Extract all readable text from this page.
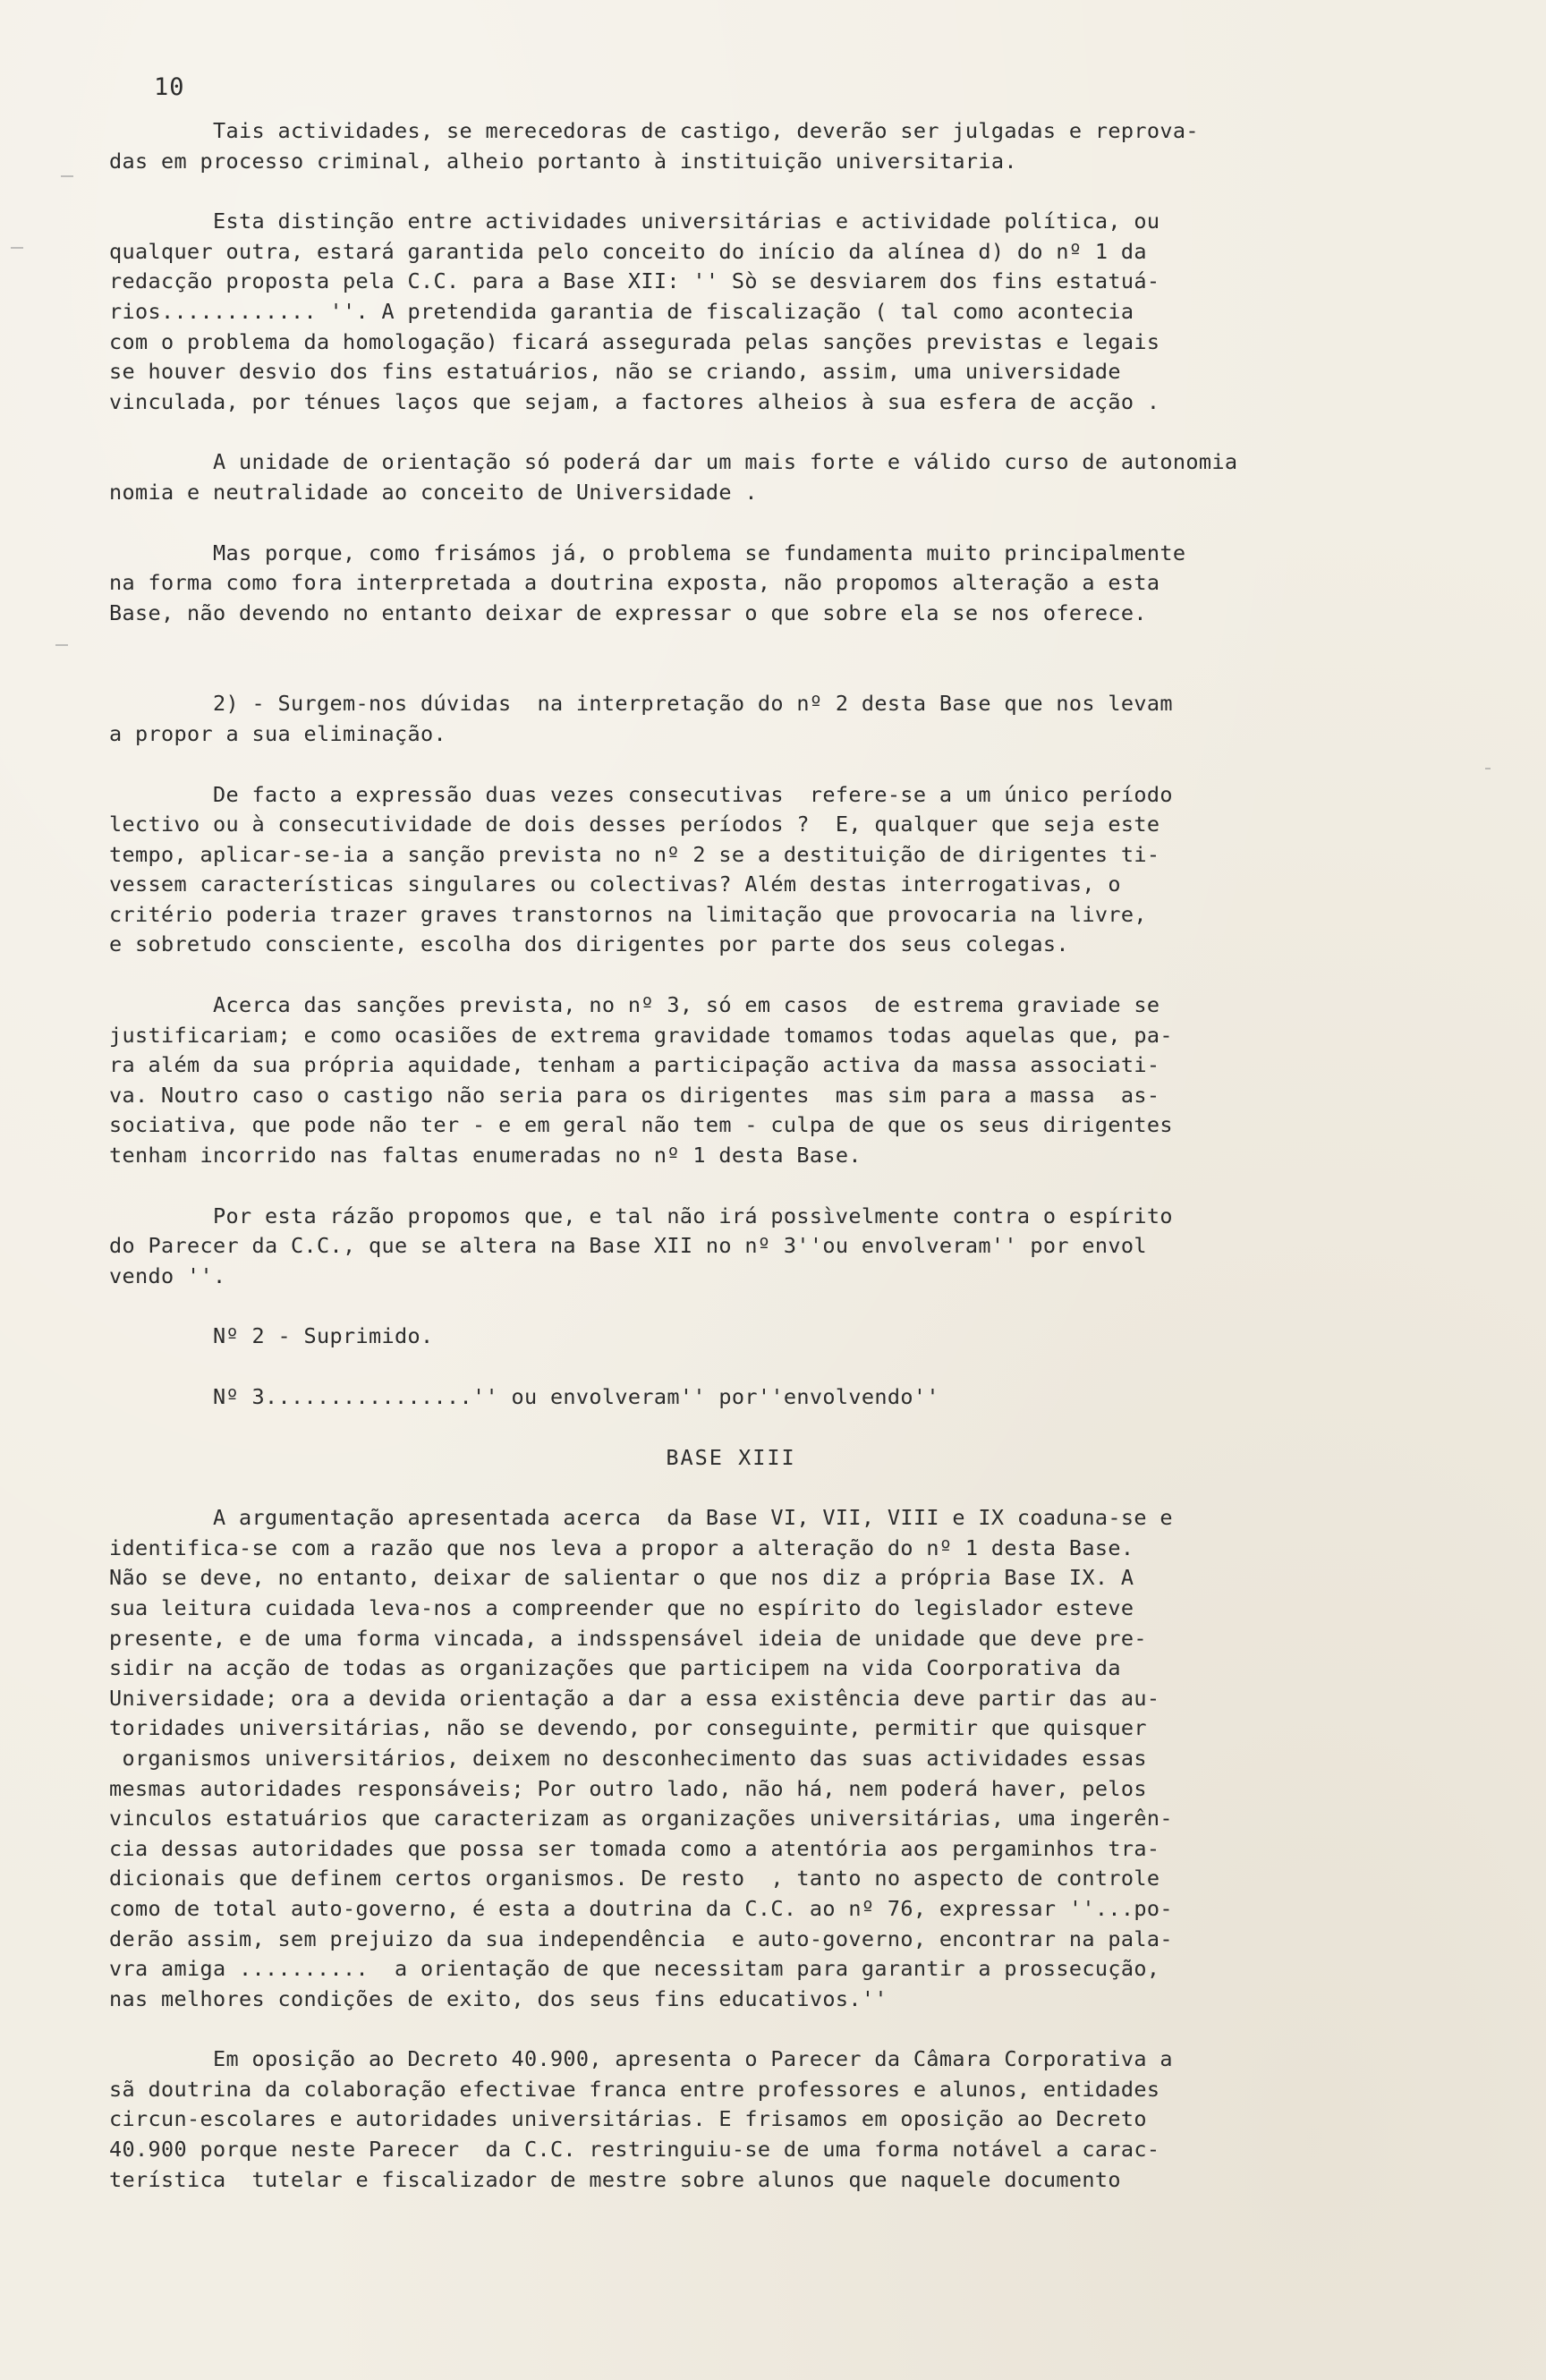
10
Tais actividades, se merecedoras de castigo, deverão ser julgadas e reprova-
das em processo criminal, alheio portanto à instituição universitaria.
Esta distinção entre actividades universitárias e actividade política, ou
qualquer outra, estará garantida pelo conceito do início da alínea d) do nº 1 da
redacção proposta pela C.C. para a Base XII: '' Sò se desviarem dos fins estatuá-
rios............ ''. A pretendida garantia de fiscalização ( tal como acontecia
com o problema da homologação) ficará assegurada pelas sanções previstas e legais
se houver desvio dos fins estatuários, não se criando, assim, uma universidade
vinculada, por ténues laços que sejam, a factores alheios à sua esfera de acção .
A unidade de orientação só poderá dar um mais forte e válido curso de autonomia
nomia e neutralidade ao conceito de Universidade .
Mas porque, como frisámos já, o problema se fundamenta muito principalmente
na forma como fora interpretada a doutrina exposta, não propomos alteração a esta
Base, não devendo no entanto deixar de expressar o que sobre ela se nos oferece.
2) - Surgem-nos dúvidas  na interpretação do nº 2 desta Base que nos levam
a propor a sua eliminação.
De facto a expressão duas vezes consecutivas  refere-se a um único período
lectivo ou à consecutividade de dois desses períodos ?  E, qualquer que seja este
tempo, aplicar-se-ia a sanção prevista no nº 2 se a destituição de dirigentes ti-
vessem características singulares ou colectivas? Além destas interrogativas, o
critério poderia trazer graves transtornos na limitação que provocaria na livre,
e sobretudo consciente, escolha dos dirigentes por parte dos seus colegas.
Acerca das sanções prevista, no nº 3, só em casos  de estrema graviade se
justificariam; e como ocasiões de extrema gravidade tomamos todas aquelas que, pa-
ra além da sua própria aquidade, tenham a participação activa da massa associati-
va. Noutro caso o castigo não seria para os dirigentes  mas sim para a massa  as-
sociativa, que pode não ter - e em geral não tem - culpa de que os seus dirigentes
tenham incorrido nas faltas enumeradas no nº 1 desta Base.
Por esta rázão propomos que, e tal não irá possìvelmente contra o espírito
do Parecer da C.C., que se altera na Base XII no nº 3''ou envolveram'' por envol
vendo ''.
Nº 2 - Suprimido.
Nº 3................'' ou envolveram'' por''envolvendo''
BASE XIII
A argumentação apresentada acerca  da Base VI, VII, VIII e IX coaduna-se e
identifica-se com a razão que nos leva a propor a alteração do nº 1 desta Base.
Não se deve, no entanto, deixar de salientar o que nos diz a própria Base IX. A
sua leitura cuidada leva-nos a compreender que no espírito do legislador esteve
presente, e de uma forma vincada, a indsspensável ideia de unidade que deve pre-
sidir na acção de todas as organizações que participem na vida Coorporativa da
Universidade; ora a devida orientação a dar a essa existência deve partir das au-
toridades universitárias, não se devendo, por conseguinte, permitir que quisquer
organismos universitários, deixem no desconhecimento das suas actividades essas
mesmas autoridades responsáveis; Por outro lado, não há, nem poderá haver, pelos
vinculos estatuários que caracterizam as organizações universitárias, uma ingerên-
cia dessas autoridades que possa ser tomada como a atentória aos pergaminhos tra-
dicionais que definem certos organismos. De resto  , tanto no aspecto de controle
como de total auto-governo, é esta a doutrina da C.C. ao nº 76, expressar ''...po-
derão assim, sem prejuizo da sua independência  e auto-governo, encontrar na pala-
vra amiga ..........  a orientação de que necessitam para garantir a prossecução,
nas melhores condições de exito, dos seus fins educativos.''
Em oposição ao Decreto 40.900, apresenta o Parecer da Câmara Corporativa a
sã doutrina da colaboração efectivae franca entre professores e alunos, entidades
circun-escolares e autoridades universitárias. E frisamos em oposição ao Decreto
40.900 porque neste Parecer  da C.C. restringuiu-se de uma forma notável a carac-
terística  tutelar e fiscalizador de mestre sobre alunos que naquele documento
